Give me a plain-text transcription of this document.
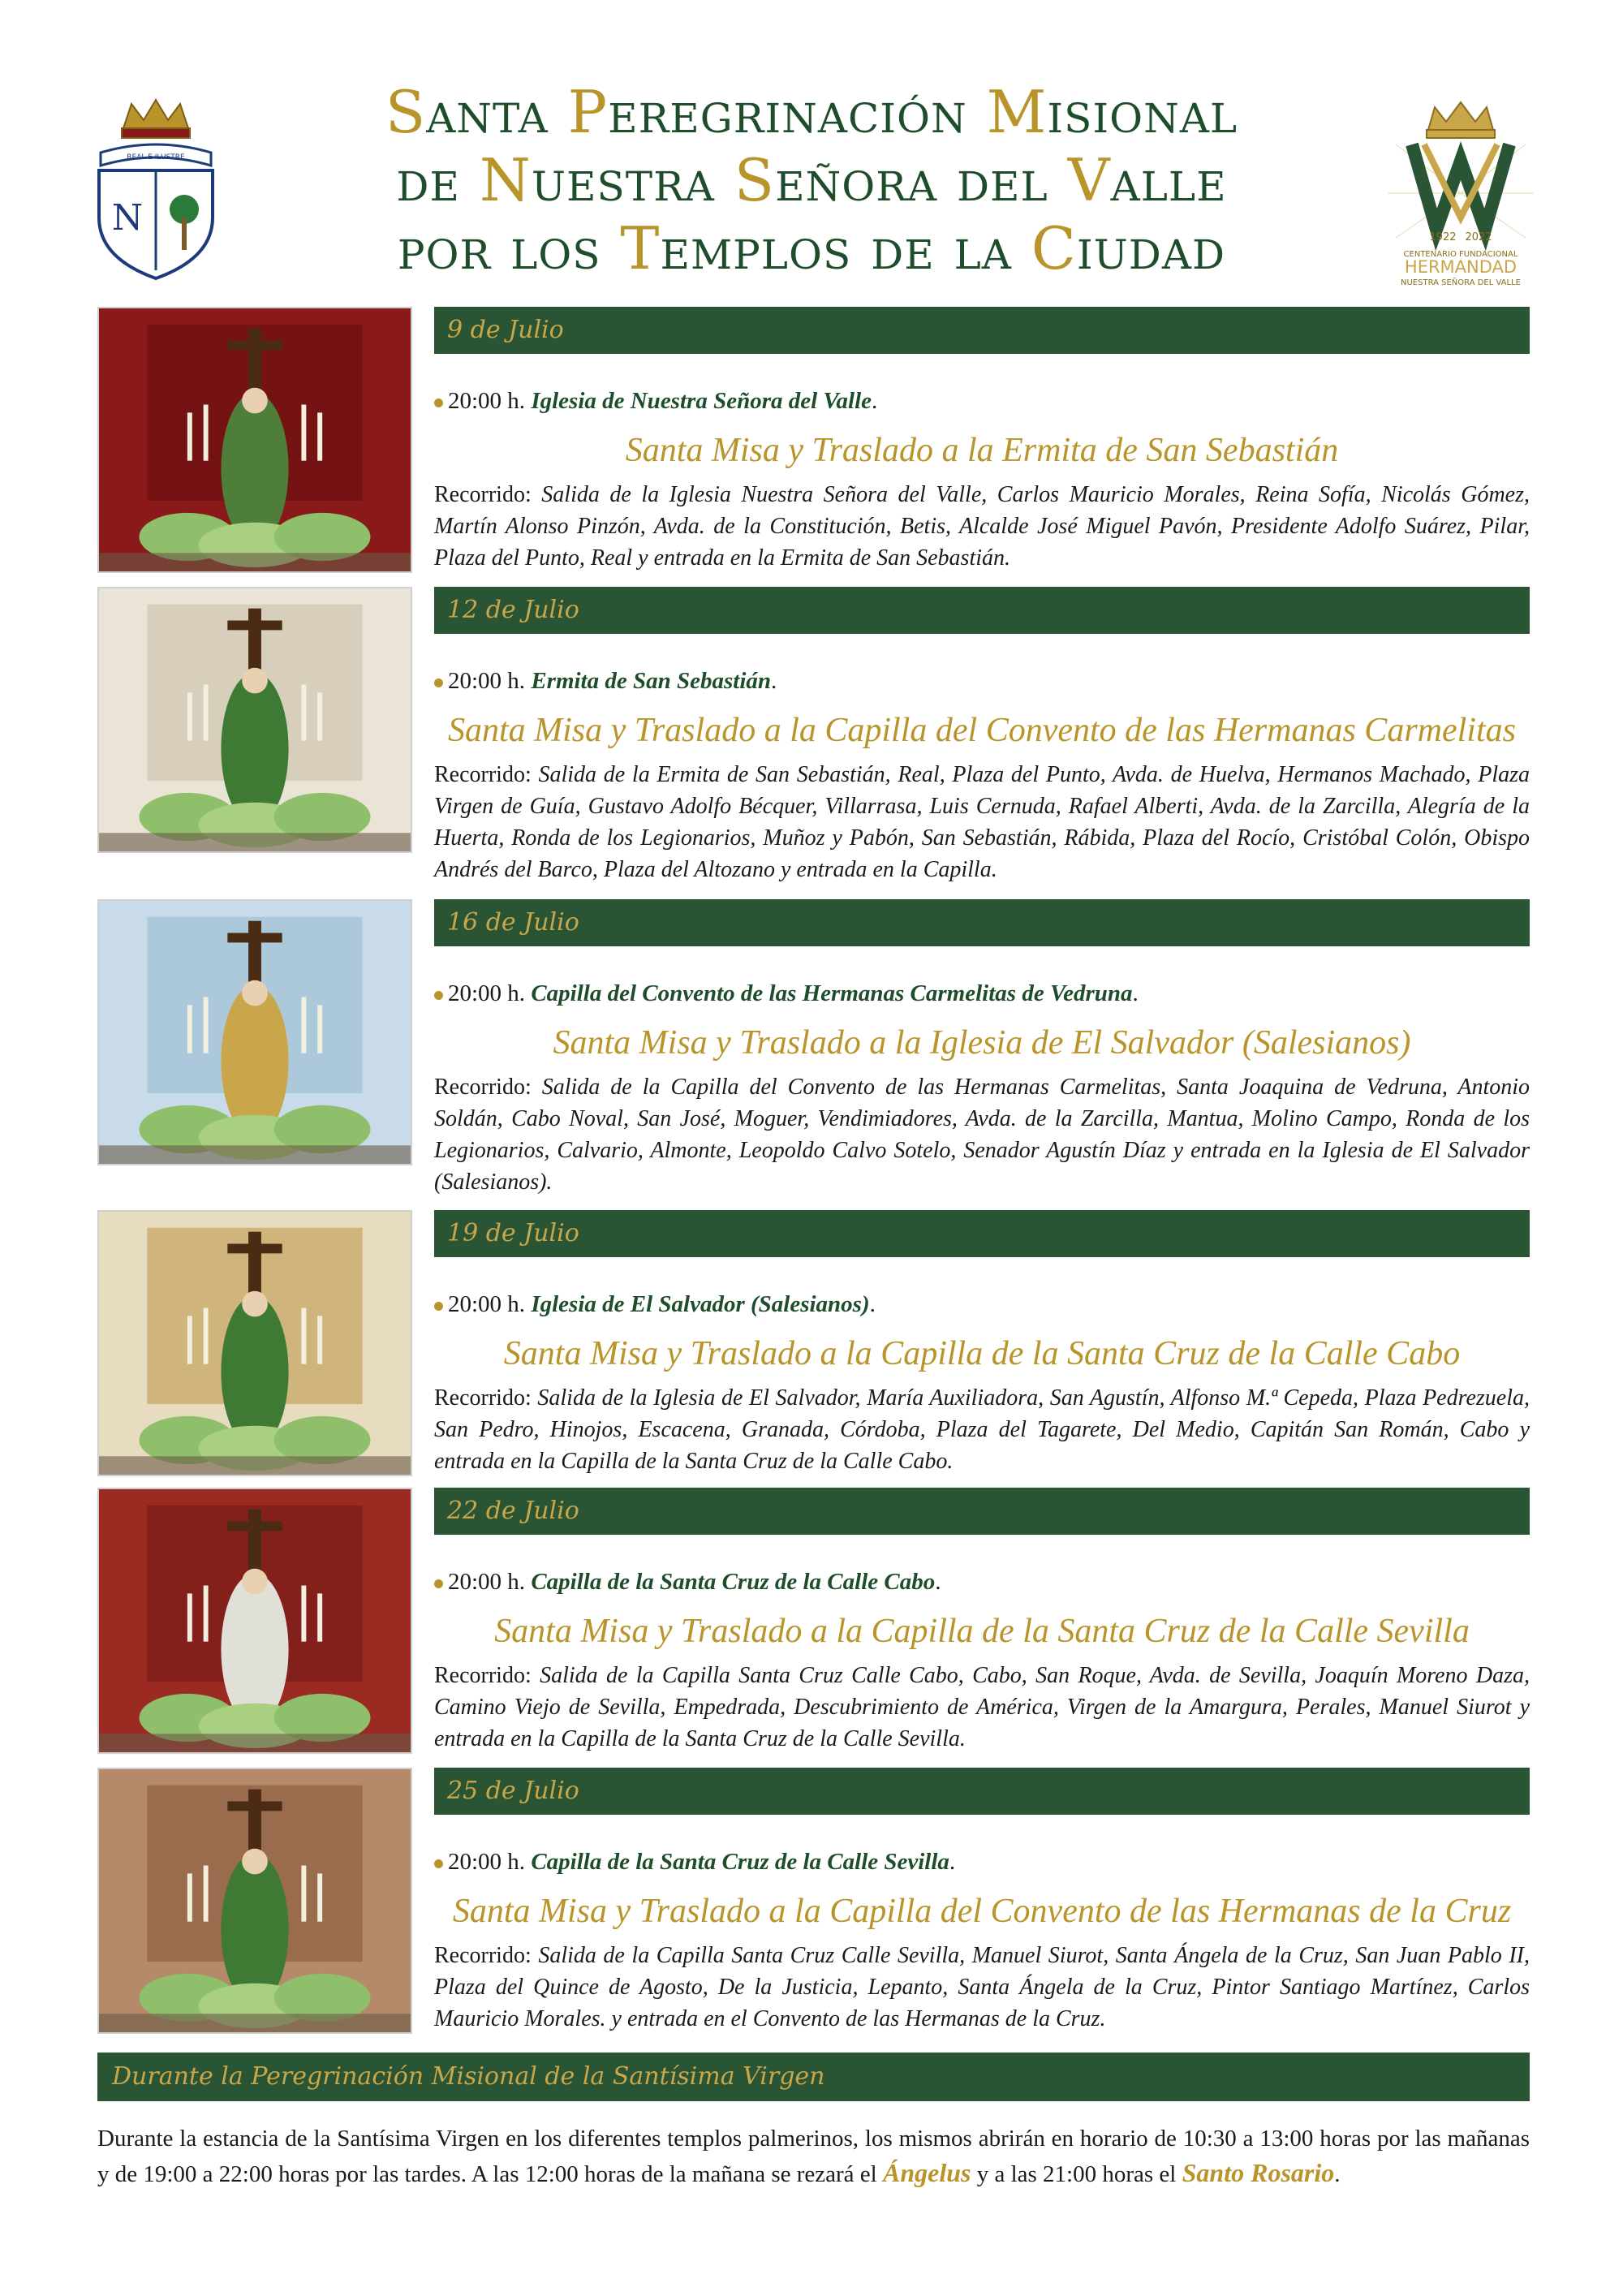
REAL E ILUSTRE
N
Santa Peregrinación Misional
de Nuestra Señora del Valle
por los Templos de la Ciudad	1922 2022
CENTENARIO FUNDACIONAL
HERMANDAD
NUESTRA SEÑORA DEL VALLE
9 de Julio
20:00 h. Iglesia de Nuestra Señora del Valle.
Santa Misa y Traslado a la Ermita de San Sebastián
Recorrido: Salida de la Iglesia Nuestra Señora del Valle, Carlos Mauricio Morales, Reina Sofía, Nicolás Gómez, Martín Alonso Pinzón, Avda. de la Constitución, Betis, Alcalde José Miguel Pavón, Presidente Adolfo Suárez, Pilar, Plaza del Punto, Real y entrada en la Ermita de San Sebastián.
12 de Julio
20:00 h. Ermita de San Sebastián.
Santa Misa y Traslado a la Capilla del Convento de las Hermanas Carmelitas
Recorrido: Salida de la Ermita de San Sebastián, Real, Plaza del Punto, Avda. de Huelva, Hermanos Machado, Plaza Virgen de Guía, Gustavo Adolfo Bécquer, Villarrasa, Luis Cernuda, Rafael Alberti, Avda. de la Zarcilla, Alegría de la Huerta, Ronda de los Legionarios, Muñoz y Pabón, San Sebastián, Rábida, Plaza del Rocío, Cristóbal Colón, Obispo Andrés del Barco, Plaza del Altozano y entrada en la Capilla.
16 de Julio
20:00 h. Capilla del Convento de las Hermanas Carmelitas de Vedruna.
Santa Misa y Traslado a la Iglesia de El Salvador (Salesianos)
Recorrido: Salida de la Capilla del Convento de las Hermanas Carmelitas, Santa Joaquina de Vedruna, Antonio Soldán, Cabo Noval, San José, Moguer, Vendimiadores, Avda. de la Zarcilla, Mantua, Molino Campo, Ronda de los Legionarios, Calvario, Almonte, Leopoldo Calvo Sotelo, Senador Agustín Díaz y entrada en la Iglesia de El Salvador (Salesianos).
19 de Julio
20:00 h. Iglesia de El Salvador (Salesianos).
Santa Misa y Traslado a la Capilla de la Santa Cruz de la Calle Cabo
Recorrido: Salida de la Iglesia de El Salvador, María Auxiliadora, San Agustín, Alfonso M.ª Cepeda, Plaza Pedrezuela, San Pedro, Hinojos, Escacena, Granada, Córdoba, Plaza del Tagarete, Del Medio, Capitán San Román, Cabo y entrada en la Capilla de la Santa Cruz de la Calle Cabo.
22 de Julio
20:00 h. Capilla de la Santa Cruz de la Calle Cabo.
Santa Misa y Traslado a la Capilla de la Santa Cruz de la Calle Sevilla
Recorrido: Salida de la Capilla Santa Cruz Calle Cabo, Cabo, San Roque, Avda. de Sevilla, Joaquín Moreno Daza, Camino Viejo de Sevilla, Empedrada, Descubrimiento de América, Virgen de la Amargura, Perales, Manuel Siurot y entrada en la Capilla de la Santa Cruz de la Calle Sevilla.
25 de Julio
20:00 h. Capilla de la Santa Cruz de la Calle Sevilla.
Santa Misa y Traslado a la Capilla del Convento de las Hermanas de la Cruz
Recorrido: Salida de la Capilla Santa Cruz Calle Sevilla, Manuel Siurot, Santa Ángela de la Cruz, San Juan Pablo II, Plaza del Quince de Agosto, De la Justicia, Lepanto, Santa Ángela de la Cruz, Pintor Santiago Martínez, Carlos Mauricio Morales. y entrada en el Convento de las Hermanas de la Cruz.
Durante la Peregrinación Misional de la Santísima Virgen
Durante la estancia de la Santísima Virgen en los diferentes templos palmerinos, los mismos abrirán en horario de 10:30 a 13:00 horas por las mañanas y de 19:00 a 22:00 horas por las tardes. A las 12:00 horas de la mañana se rezará el Ángelus y a las 21:00 horas el Santo Rosario.
